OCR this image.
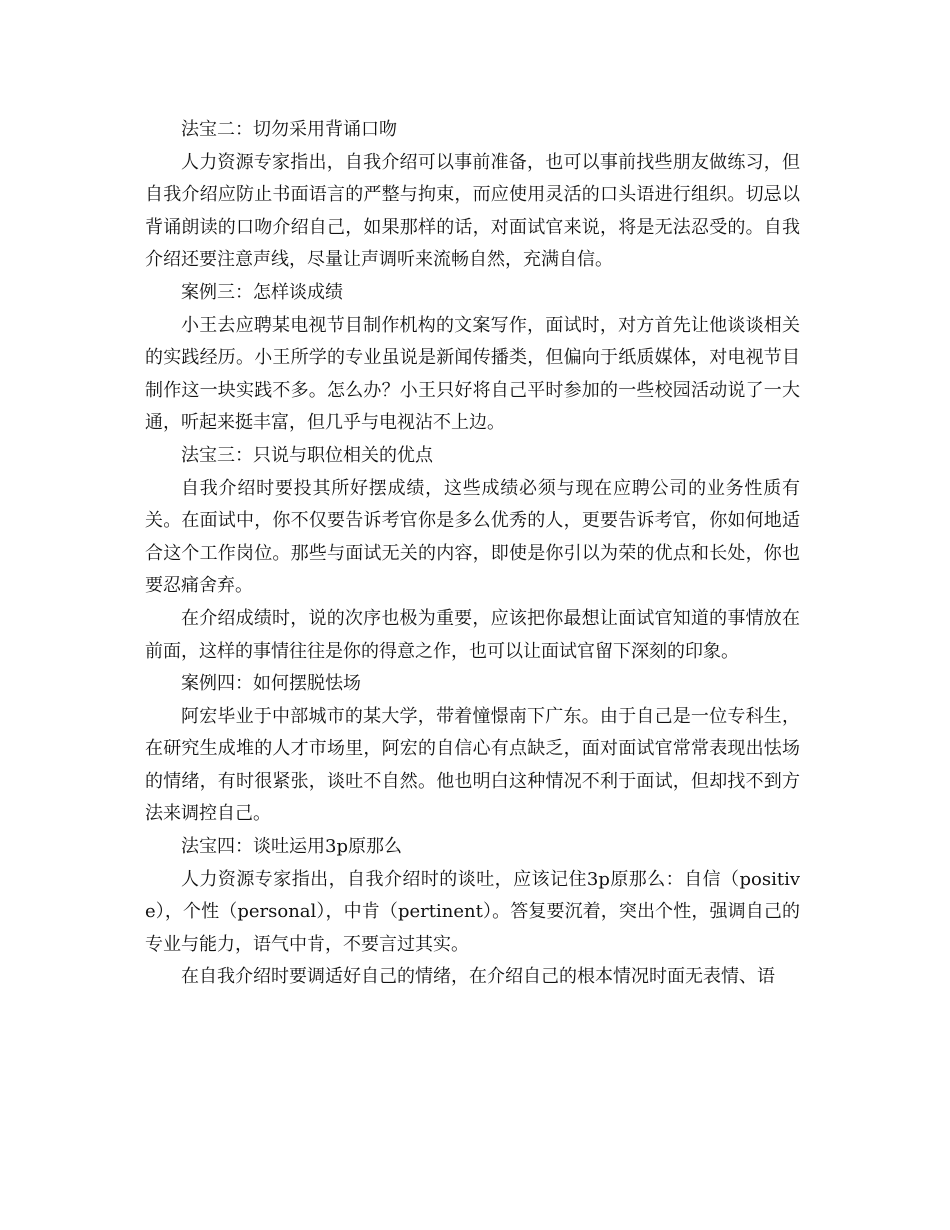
法宝二：切勿采用背诵口吻

人力资源专家指出，自我介绍可以事前准备，也可以事前找些朋友做练习，但自我介绍应防止书面语言的严整与拘束，而应使用灵活的口头语进行组织。切忌以背诵朗读的口吻介绍自己，如果那样的话，对面试官来说，将是无法忍受的。自我介绍还要注意声线，尽量让声调听来流畅自然，充满自信。

案例三：怎样谈成绩

小王去应聘某电视节目制作机构的文案写作，面试时，对方首先让他谈谈相关的实践经历。小王所学的专业虽说是新闻传播类，但偏向于纸质媒体，对电视节目制作这一块实践不多。怎么办？小王只好将自己平时参加的一些校园活动说了一大通，听起来挺丰富，但几乎与电视沾不上边。

法宝三：只说与职位相关的优点

自我介绍时要投其所好摆成绩，这些成绩必须与现在应聘公司的业务性质有关。在面试中，你不仅要告诉考官你是多么优秀的人，更要告诉考官，你如何地适合这个工作岗位。那些与面试无关的内容，即使是你引以为荣的优点和长处，你也要忍痛舍弃。

在介绍成绩时，说的次序也极为重要，应该把你最想让面试官知道的事情放在前面，这样的事情往往是你的得意之作，也可以让面试官留下深刻的印象。

案例四：如何摆脱怯场

阿宏毕业于中部城市的某大学，带着憧憬南下广东。由于自己是一位专科生，在研究生成堆的人才市场里，阿宏的自信心有点缺乏，面对面试官常常表现出怯场的情绪，有时很紧张，谈吐不自然。他也明白这种情况不利于面试，但却找不到方法来调控自己。

法宝四：谈吐运用3p原那么

人力资源专家指出，自我介绍时的谈吐，应该记住3p原那么：自信（positive），个性（personal），中肯（pertinent）。答复要沉着，突出个性，强调自己的专业与能力，语气中肯，不要言过其实。

在自我介绍时要调适好自己的情绪，在介绍自己的根本情况时面无表情、语
